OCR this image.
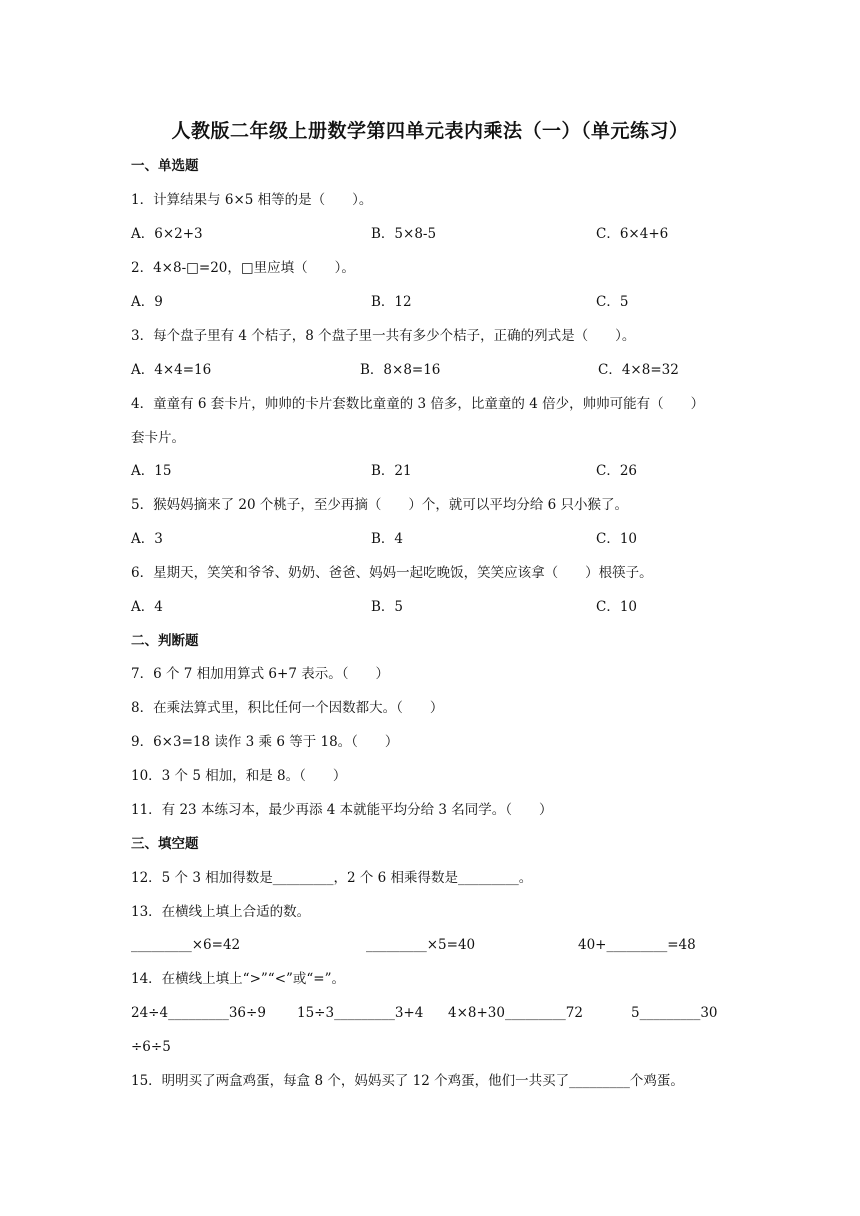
人教版二年级上册数学第四单元表内乘法（一）（单元练习）
一、单选题
1．计算结果与 6×5 相等的是（　　）。
A．6×2+3	B．5×8-5	C．6×4+6
2．4×8-□=20，□里应填（　　）。
A．9	B．12	C．5
3．每个盘子里有 4 个桔子，8 个盘子里一共有多少个桔子，正确的列式是（　　）。
A．4×4=16	B．8×8=16	C．4×8=32
4．童童有 6 套卡片，帅帅的卡片套数比童童的 3 倍多，比童童的 4 倍少，帅帅可能有（　　）
套卡片。
A．15	B．21	C．26
5．猴妈妈摘来了 20 个桃子，至少再摘（　　）个，就可以平均分给 6 只小猴了。
A．3	B．4	C．10
6．星期天，笑笑和爷爷、奶奶、爸爸、妈妈一起吃晚饭，笑笑应该拿（　　）根筷子。
A．4	B．5	C．10
二、判断题
7．6 个 7 相加用算式 6+7 表示。（　　）
8．在乘法算式里，积比任何一个因数都大。（　　）
9．6×3=18 读作 3 乘 6 等于 18。（　　）
10．3 个 5 相加，和是 8。（　　）
11．有 23 本练习本，最少再添 4 本就能平均分给 3 名同学。（　　）
三、填空题
12．5 个 3 相加得数是_________，2 个 6 相乘得数是_________。
13．在横线上填上合适的数。
_________×6=42	_________×5=40	40+_________=48
14．在横线上填上“>”“<”或“=”。
24÷4_________36÷9 15÷3_________3+4 4×8+30_________72	5_________30
÷6÷5
15．明明买了两盒鸡蛋，每盒 8 个，妈妈买了 12 个鸡蛋，他们一共买了_________个鸡蛋。
